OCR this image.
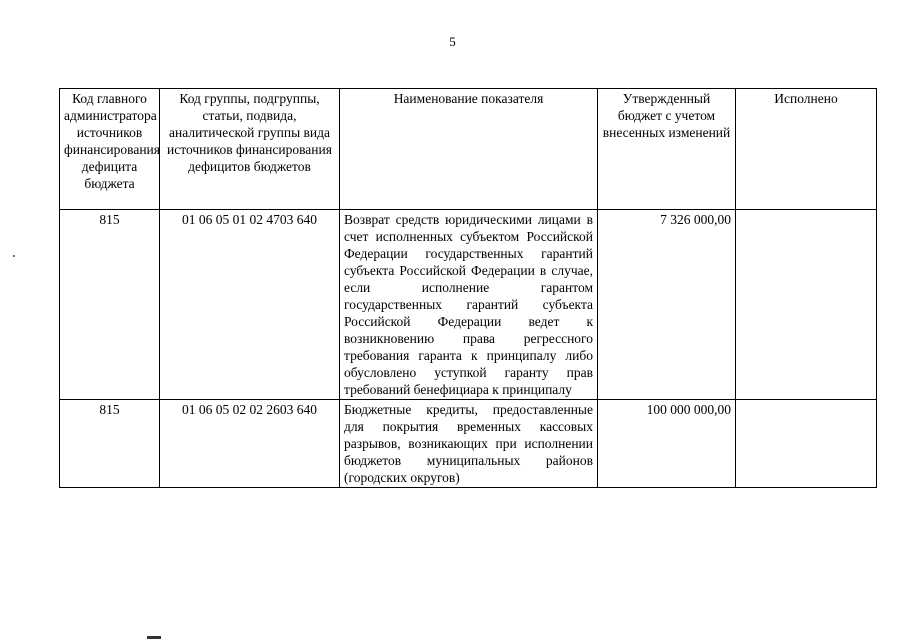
5
Код главного администратора источников финансирования дефицита бюджета	Код группы, подгруппы, статьи, подвида, аналитической группы вида источников финансирования дефицитов бюджетов	Наименование показателя	Утвержденный бюджет с учетом внесенных изменений	Исполнено
815	01 06 05 01 02 4703 640	Возврат средств юридическими лицами в счет исполненных субъектом Российской Федерации государственных гарантий субъекта Российской Федерации в случае, если исполнение гарантом государственных гарантий субъекта Российской Федерации ведет к возникновению права регрессного требования гаранта к принципалу либо обусловлено уступкой гаранту прав требований бенефициара к принципалу	7 326 000,00	
815	01 06 05 02 02 2603 640	Бюджетные кредиты, предоставленные для покрытия временных кассовых разрывов, возникающих при исполнении бюджетов муниципальных районов (городских округов)	100 000 000,00	
